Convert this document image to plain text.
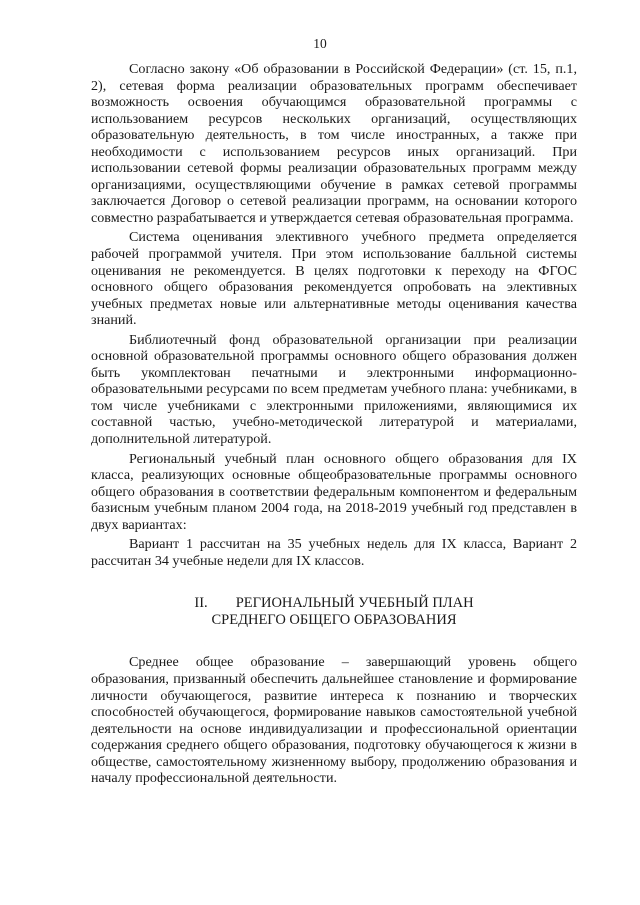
10

Согласно закону «Об образовании в Российской Федерации» (ст. 15, п.1, 2), сетевая форма реализации образовательных программ обеспечивает возможность освоения обучающимся образовательной программы с использованием ресурсов нескольких организаций, осуществляющих образовательную деятельность, в том числе иностранных, а также при необходимости с использованием ресурсов иных организаций. При использовании сетевой формы реализации образовательных программ между организациями, осуществляющими обучение в рамках сетевой программы заключается Договор о сетевой реализации программ, на основании которого совместно разрабатывается и утверждается сетевая образовательная программа.

Система оценивания элективного учебного предмета определяется рабочей программой учителя. При этом использование балльной системы оценивания не рекомендуется. В целях подготовки к переходу на ФГОС основного общего образования рекомендуется опробовать на элективных учебных предметах новые или альтернативные методы оценивания качества знаний.

Библиотечный фонд образовательной организации при реализации основной образовательной программы основного общего образования должен быть укомплектован печатными и электронными информационно-образовательными ресурсами по всем предметам учебного плана: учебниками, в том числе учебниками с электронными приложениями, являющимися их составной частью, учебно-методической литературой и материалами, дополнительной литературой.

Региональный учебный план основного общего образования для IX класса, реализующих основные общеобразовательные программы основного общего образования в соответствии федеральным компонентом и федеральным базисным учебным планом 2004 года, на 2018-2019 учебный год представлен в двух вариантах:

Вариант 1 рассчитан на 35 учебных недель для IX класса, Вариант 2 рассчитан 34 учебные недели для IX классов.

II. РЕГИОНАЛЬНЫЙ УЧЕБНЫЙ ПЛАН
СРЕДНЕГО ОБЩЕГО ОБРАЗОВАНИЯ

Среднее общее образование – завершающий уровень общего образования, призванный обеспечить дальнейшее становление и формирование личности обучающегося, развитие интереса к познанию и творческих способностей обучающегося, формирование навыков самостоятельной учебной деятельности на основе индивидуализации и профессиональной ориентации содержания среднего общего образования, подготовку обучающегося к жизни в обществе, самостоятельному жизненному выбору, продолжению образования и началу профессиональной деятельности.
